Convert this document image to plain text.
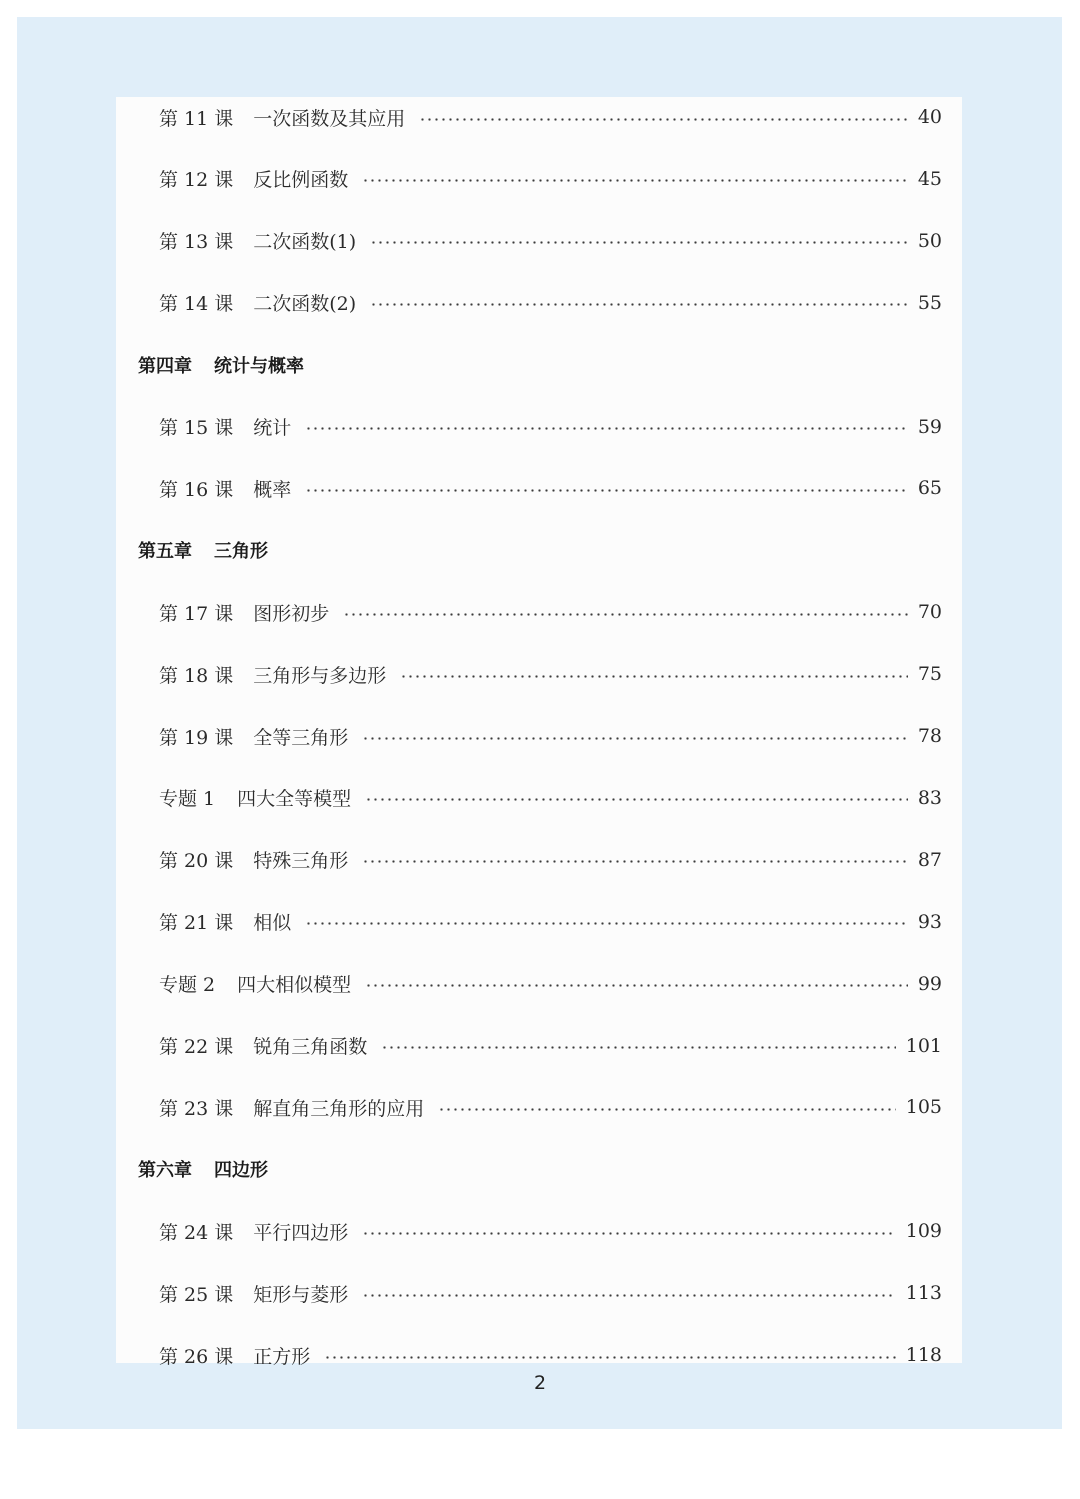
第 11 课 一次函数及其应用	40
第 12 课 反比例函数	45
第 13 课 二次函数(1)	50
第 14 课 二次函数(2)	55
第四章 统计与概率
第 15 课 统计	59
第 16 课 概率	65
第五章 三角形
第 17 课 图形初步	70
第 18 课 三角形与多边形	75
第 19 课 全等三角形	78
专题 1 四大全等模型	83
第 20 课 特殊三角形	87
第 21 课 相似	93
专题 2 四大相似模型	99
第 22 课 锐角三角函数	101
第 23 课 解直角三角形的应用	105
第六章 四边形
第 24 课 平行四边形	109
第 25 课 矩形与菱形	113
第 26 课 正方形	118
2
